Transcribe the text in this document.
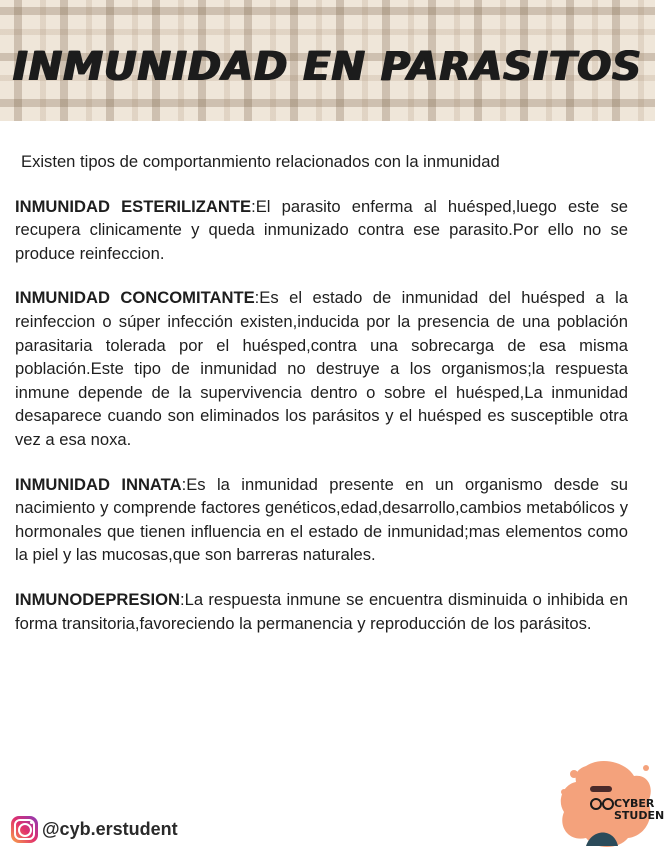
INMUNIDAD EN PARASITOS

Existen tipos de comportanmiento relacionados con la inmunidad

INMUNIDAD ESTERILIZANTE:El parasito enferma al huésped,luego este se recupera clinicamente y queda inmunizado contra ese parasito.Por ello no se produce reinfeccion.

INMUNIDAD CONCOMITANTE:Es el estado de inmunidad del huésped a la reinfeccion o súper infección existen,inducida por la presencia de una población parasitaria tolerada por el huésped,contra una sobrecarga de esa misma población.Este tipo de inmunidad no destruye a los organismos;la respuesta inmune depende de la supervivencia dentro o sobre el huésped,La inmunidad desaparece cuando son eliminados los parásitos y el huésped es susceptible otra vez a esa noxa.

INMUNIDAD INNATA:Es la inmunidad presente en un organismo desde su nacimiento y comprende factores genéticos,edad,desarrollo,cambios metabólicos y hormonales que tienen influencia en el estado de inmunidad;mas elementos como la piel y las mucosas,que son barreras naturales.

INMUNODEPRESION:La respuesta inmune se encuentra disminuida o inhibida en forma transitoria,favoreciendo la permanencia y reproducción de los parásitos.

@cyb.erstudent
CYBER
STUDEN
